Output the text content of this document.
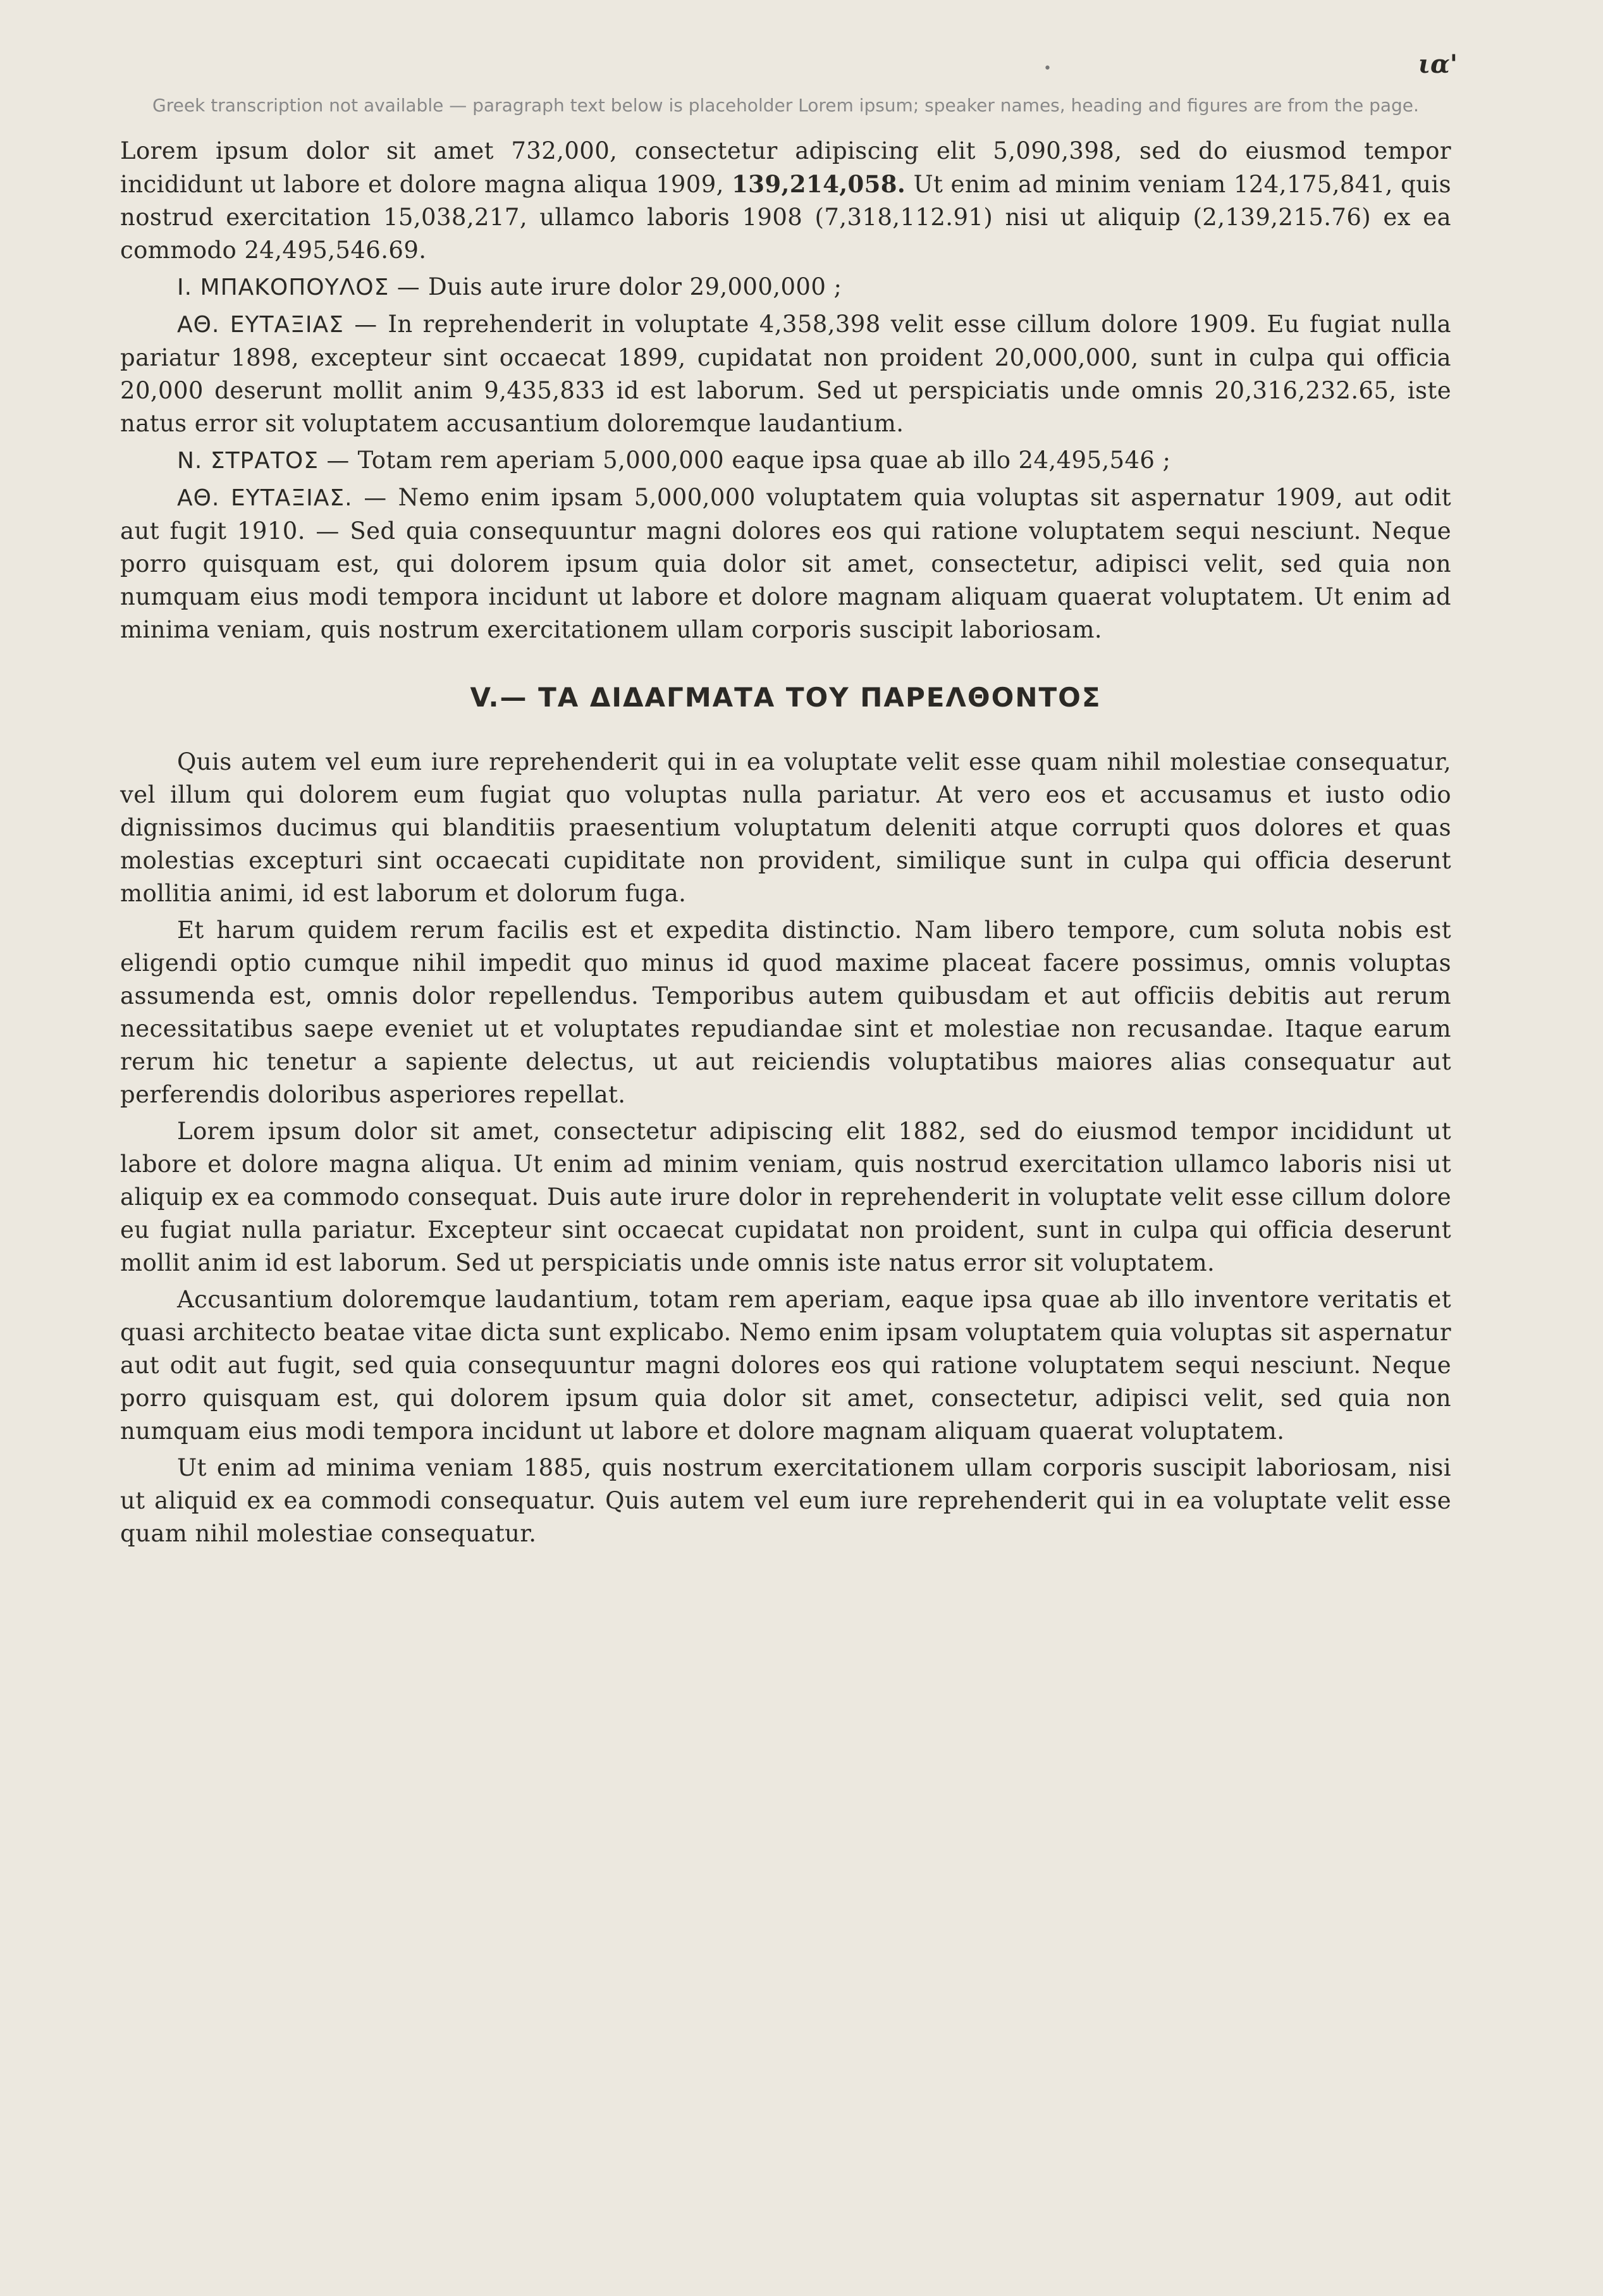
ια'
•

Greek transcription not available — paragraph text below is placeholder Lorem ipsum; speaker names, heading and figures are from the page.

Lorem ipsum dolor sit amet 732,000, consectetur adipiscing elit 5,090,398, sed do eiusmod tempor incididunt ut labore et dolore magna aliqua 1909, 139,214,058. Ut enim ad minim veniam 124,175,841, quis nostrud exercitation 15,038,217, ullamco laboris 1908 (7,318,112.91) nisi ut aliquip (2,139,215.76) ex ea commodo 24,495,546.69.

Ι. ΜΠΑΚΟΠΟΥΛΟΣ — Duis aute irure dolor 29,000,000 ;

ΑΘ. ΕΥΤΑΞΙΑΣ — In reprehenderit in voluptate 4,358,398 velit esse cillum dolore 1909. Eu fugiat nulla pariatur 1898, excepteur sint occaecat 1899, cupidatat non proident 20,000,000, sunt in culpa qui officia 20,000 deserunt mollit anim 9,435,833 id est laborum. Sed ut perspiciatis unde omnis 20,316,232.65, iste natus error sit voluptatem accusantium doloremque laudantium.

Ν. ΣΤΡΑΤΟΣ — Totam rem aperiam 5,000,000 eaque ipsa quae ab illo 24,495,546 ;

ΑΘ. ΕΥΤΑΞΙΑΣ. — Nemo enim ipsam 5,000,000 voluptatem quia voluptas sit aspernatur 1909, aut odit aut fugit 1910. — Sed quia consequuntur magni dolores eos qui ratione voluptatem sequi nesciunt. Neque porro quisquam est, qui dolorem ipsum quia dolor sit amet, consectetur, adipisci velit, sed quia non numquam eius modi tempora incidunt ut labore et dolore magnam aliquam quaerat voluptatem. Ut enim ad minima veniam, quis nostrum exercitationem ullam corporis suscipit laboriosam.

V.— ΤΑ ΔΙΔΑΓΜΑΤΑ ΤΟΥ ΠΑΡΕΛΘΟΝΤΟΣ

Quis autem vel eum iure reprehenderit qui in ea voluptate velit esse quam nihil molestiae consequatur, vel illum qui dolorem eum fugiat quo voluptas nulla pariatur. At vero eos et accusamus et iusto odio dignissimos ducimus qui blanditiis praesentium voluptatum deleniti atque corrupti quos dolores et quas molestias excepturi sint occaecati cupiditate non provident, similique sunt in culpa qui officia deserunt mollitia animi, id est laborum et dolorum fuga.

Et harum quidem rerum facilis est et expedita distinctio. Nam libero tempore, cum soluta nobis est eligendi optio cumque nihil impedit quo minus id quod maxime placeat facere possimus, omnis voluptas assumenda est, omnis dolor repellendus. Temporibus autem quibusdam et aut officiis debitis aut rerum necessitatibus saepe eveniet ut et voluptates repudiandae sint et molestiae non recusandae. Itaque earum rerum hic tenetur a sapiente delectus, ut aut reiciendis voluptatibus maiores alias consequatur aut perferendis doloribus asperiores repellat.

Lorem ipsum dolor sit amet, consectetur adipiscing elit 1882, sed do eiusmod tempor incididunt ut labore et dolore magna aliqua. Ut enim ad minim veniam, quis nostrud exercitation ullamco laboris nisi ut aliquip ex ea commodo consequat. Duis aute irure dolor in reprehenderit in voluptate velit esse cillum dolore eu fugiat nulla pariatur. Excepteur sint occaecat cupidatat non proident, sunt in culpa qui officia deserunt mollit anim id est laborum. Sed ut perspiciatis unde omnis iste natus error sit voluptatem.

Accusantium doloremque laudantium, totam rem aperiam, eaque ipsa quae ab illo inventore veritatis et quasi architecto beatae vitae dicta sunt explicabo. Nemo enim ipsam voluptatem quia voluptas sit aspernatur aut odit aut fugit, sed quia consequuntur magni dolores eos qui ratione voluptatem sequi nesciunt. Neque porro quisquam est, qui dolorem ipsum quia dolor sit amet, consectetur, adipisci velit, sed quia non numquam eius modi tempora incidunt ut labore et dolore magnam aliquam quaerat voluptatem.

Ut enim ad minima veniam 1885, quis nostrum exercitationem ullam corporis suscipit laboriosam, nisi ut aliquid ex ea commodi consequatur. Quis autem vel eum iure reprehenderit qui in ea voluptate velit esse quam nihil molestiae consequatur.
